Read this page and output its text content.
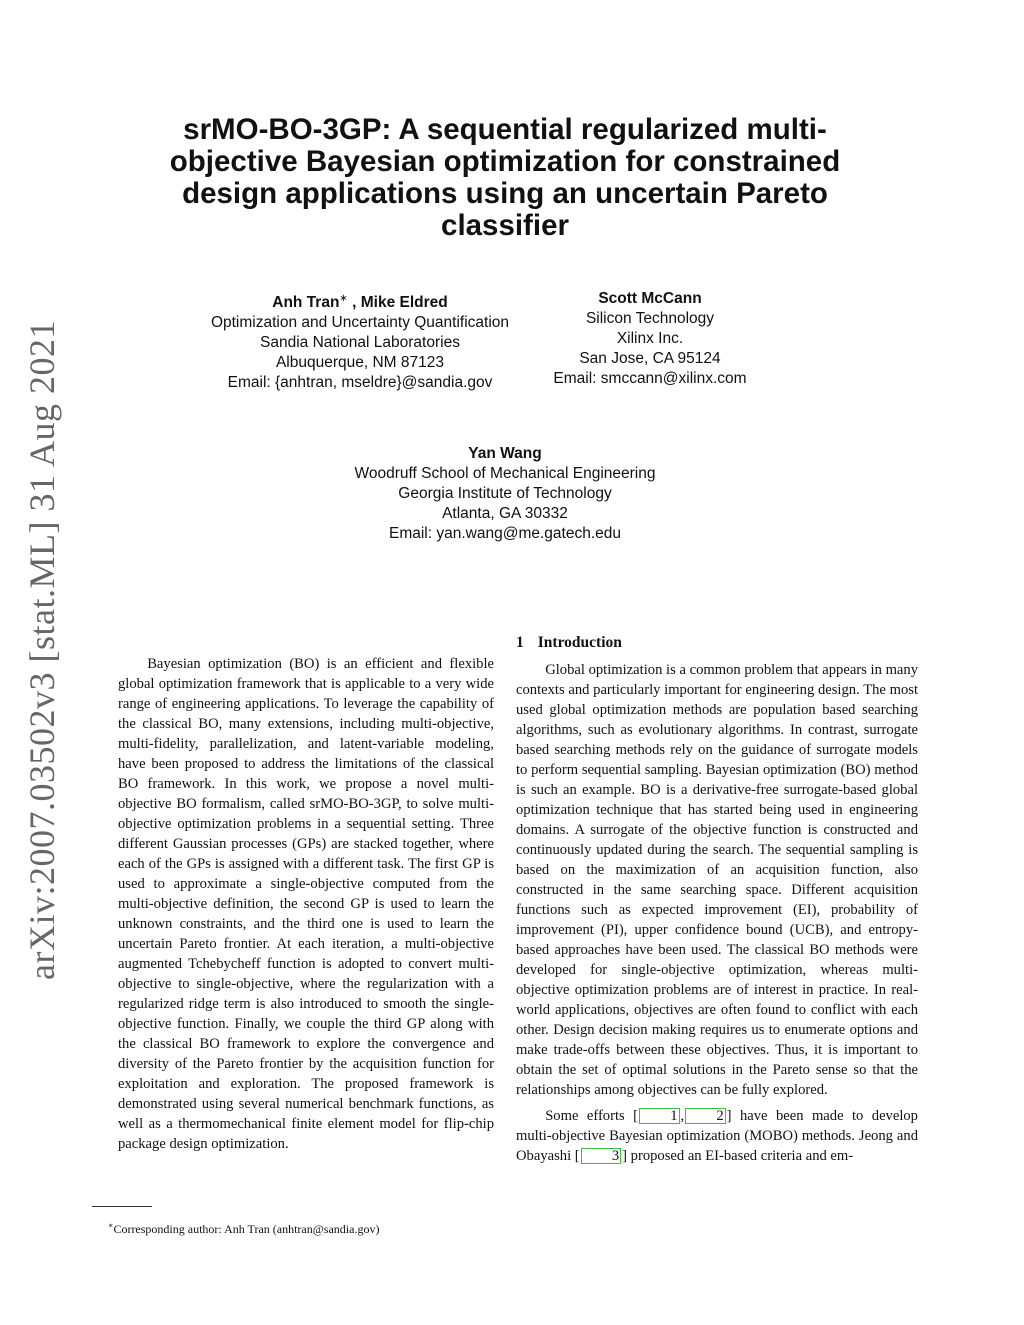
arXiv:2007.03502v3 [stat.ML] 31 Aug 2021
srMO-BO-3GP: A sequential regularized multi-objective Bayesian optimization for constrained design applications using an uncertain Pareto classifier
Anh Tran∗ , Mike Eldred
Optimization and Uncertainty Quantification
Sandia National Laboratories
Albuquerque, NM 87123
Email: {anhtran, mseldre}@sandia.gov
Scott McCann
Silicon Technology
Xilinx Inc.
San Jose, CA 95124
Email: smccann@xilinx.com
Yan Wang
Woodruff School of Mechanical Engineering
Georgia Institute of Technology
Atlanta, GA 30332
Email: yan.wang@me.gatech.edu

Bayesian optimization (BO) is an efficient and flexible global optimization framework that is applicable to a very wide range of engineering applications. To leverage the capability of the classical BO, many extensions, including multi-objective, multi-fidelity, parallelization, and latent-variable modeling, have been proposed to address the limitations of the classical BO framework. In this work, we propose a novel multi-objective BO formalism, called srMO-BO-3GP, to solve multi-objective optimization problems in a sequential setting. Three different Gaussian processes (GPs) are stacked together, where each of the GPs is assigned with a different task. The first GP is used to approximate a single-objective computed from the multi-objective definition, the second GP is used to learn the unknown constraints, and the third one is used to learn the uncertain Pareto frontier. At each iteration, a multi-objective augmented Tchebycheff function is adopted to convert multi-objective to single-objective, where the regularization with a regularized ridge term is also introduced to smooth the single-objective function. Finally, we couple the third GP along with the classical BO framework to explore the convergence and diversity of the Pareto frontier by the acquisition function for exploitation and exploration. The proposed framework is demonstrated using several numerical benchmark functions, as well as a thermomechanical finite element model for flip-chip package design optimization.

∗Corresponding author: Anh Tran (anhtran@sandia.gov)
1 Introduction

Global optimization is a common problem that appears in many contexts and particularly important for engineering design. The most used global optimization methods are population based searching algorithms, such as evolutionary algorithms. In contrast, surrogate based searching methods rely on the guidance of surrogate models to perform sequential sampling. Bayesian optimization (BO) method is such an example. BO is a derivative-free surrogate-based global optimization technique that has started being used in engineering domains. A surrogate of the objective function is constructed and continuously updated during the search. The sequential sampling is based on the maximization of an acquisition function, also constructed in the same searching space. Different acquisition functions such as expected improvement (EI), probability of improvement (PI), upper confidence bound (UCB), and entropy-based approaches have been used. The classical BO methods were developed for single-objective optimization, whereas multi-objective optimization problems are of interest in practice. In real-world applications, objectives are often found to conflict with each other. Design decision making requires us to enumerate options and make trade-offs between these objectives. Thus, it is important to obtain the set of optimal solutions in the Pareto sense so that the relationships among objectives can be fully explored.

Some efforts [ 1 , 2 ] have been made to develop multi-objective Bayesian optimization (MOBO) methods. Jeong and Obayashi [ 3 ] proposed an EI-based criteria and em-
